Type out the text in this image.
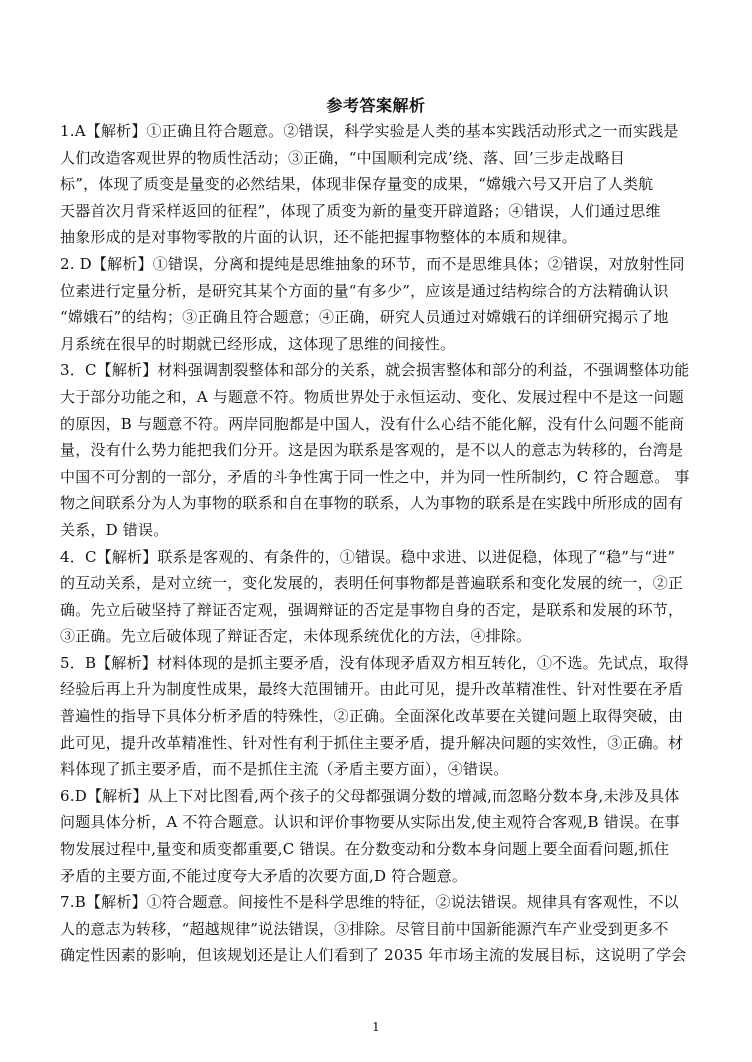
参考答案解析
1.A【解析】①正确且符合题意。②错误，科学实验是人类的基本实践活动形式之一而实践是
人们改造客观世界的物质性活动；③正确，“中国顺利完成’绕、落、回’三步走战略目
标”，体现了质变是量变的必然结果，体现非保存量变的成果，“嫦娥六号又开启了人类航
天器首次月背采样返回的征程”，体现了质变为新的量变开辟道路；④错误，人们通过思维
抽象形成的是对事物零散的片面的认识，还不能把握事物整体的本质和规律。
2. D【解析】①错误，分离和提纯是思维抽象的环节，而不是思维具体；②错误，对放射性同
位素进行定量分析，是研究其某个方面的量“有多少”，应该是通过结构综合的方法精确认识
“嫦娥石”的结构；③正确且符合题意；④正确，研究人员通过对嫦娥石的详细研究揭示了地
月系统在很早的时期就已经形成，这体现了思维的间接性。
3．C【解析】材料强调割裂整体和部分的关系，就会损害整体和部分的利益，不强调整体功能
大于部分功能之和，A 与题意不符。物质世界处于永恒运动、变化、发展过程中不是这一问题
的原因，B 与题意不符。两岸同胞都是中国人，没有什么心结不能化解，没有什么问题不能商
量，没有什么势力能把我们分开。这是因为联系是客观的，是不以人的意志为转移的，台湾是
中国不可分割的一部分，矛盾的斗争性寓于同一性之中，并为同一性所制约，C 符合题意。 事
物之间联系分为人为事物的联系和自在事物的联系，人为事物的联系是在实践中所形成的固有
关系，D 错误。
4．C【解析】联系是客观的、有条件的，①错误。稳中求进、以进促稳，体现了“稳”与“进”
的互动关系，是对立统一，变化发展的，表明任何事物都是普遍联系和变化发展的统一，②正
确。先立后破坚持了辩证否定观，强调辩证的否定是事物自身的否定，是联系和发展的环节，
③正确。先立后破体现了辩证否定，未体现系统优化的方法，④排除。
5．B【解析】材料体现的是抓主要矛盾，没有体现矛盾双方相互转化，①不选。先试点，取得
经验后再上升为制度性成果，最终大范围铺开。由此可见，提升改革精准性、针对性要在矛盾
普遍性的指导下具体分析矛盾的特殊性，②正确。全面深化改革要在关键问题上取得突破，由
此可见，提升改革精准性、针对性有利于抓住主要矛盾，提升解决问题的实效性，③正确。材
料体现了抓主要矛盾，而不是抓住主流（矛盾主要方面），④错误。
6.D【解析】从上下对比图看,两个孩子的父母都强调分数的增减,而忽略分数本身,未涉及具体
问题具体分析，A 不符合题意。认识和评价事物要从实际出发,使主观符合客观,B 错误。在事
物发展过程中,量变和质变都重要,C 错误。在分数变动和分数本身问题上要全面看问题,抓住
矛盾的主要方面,不能过度夸大矛盾的次要方面,D 符合题意。
7.B【解析】①符合题意。间接性不是科学思维的特征，②说法错误。规律具有客观性，不以
人的意志为转移，“超越规律”说法错误，③排除。尽管目前中国新能源汽车产业受到更多不
确定性因素的影响，但该规划还是让人们看到了 2035 年市场主流的发展目标，这说明了学会
1
